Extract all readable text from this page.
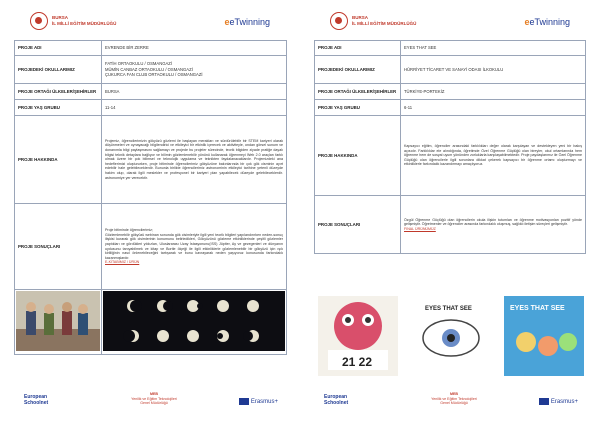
BURSA
İL MİLLİ EĞİTİM MÜDÜRLÜĞÜ	eeTwinning
PROJE ADI	EVRENDE BİR ZERRE
PROJEDEKİ OKULLARIMIZ	FATİH ORTAOKULU / OSMANGAZİ
MÜMİN CANBAZ ORTAOKULU / OSMANGAZİ
ÇUKURCA FAN CLUB ORTAOKULU / OSMANGAZİ
PROJE ORTAĞI ÜLKELER/ŞEHİRLER	BURSA
PROJE YAŞ GRUBU	11-14
PROJE HAKKINDA	Projemiz, öğrencilerimizin gökyüzü gözlemi ile başlayan merakları ve sürdürülebilir bir STEM kariyeri olarak düşünmeleri ve oynayacağı bilgilendirici ve etkileyici bir etkinlik içerecek ve aktiviteyle, ondan görsel sunum ve donanımla bilgi paylaşmasını sağlamayı ve projede bu projeler sürecinde, teorik bilgiden ziyade pratiğe dayalı bilgisi teknik detaylara bağlıyor ve bilimin gözlemlenebilir yönünü kullanarak öğrenmeyi Web 2.0 araçları farklı olmak üzere bir çok bilimsel ve teknolojik uygulama ve teknikten faydalanacaklardır. Projemizdeki ana hedeflerimizi oluştururken, proje bitiminde öğrencilerimiz gökyüzüne bakınlarında bir çok gök cisminin ayırt edebilir hale gelebileceklerdir. Bununla birlikte öğrencilerimiz astronominin etkileyici tarihine yetenli düzeyde hakim olup, olarak ilgili meslekler ve profesyonel bir kariyeri plan yapabilecek düzeyde gelebileceklerdir. astronomiye yer verecektir.
PROJE SONUÇLARI	Proje bitiminde öğrencilerimiz;
Gözlemlenebilir gökyüzü webinarı sonunda gök cisimleriyle ilgili yeni teorik bilgileri yapılandırırken neden-sonuç ilişkisi kurarak gök cisimlerinin konumunu belirledikleri, Gökyüzünü gözleme etkinliklerinde çeşitli gözlemler yaptıkları ve gördükleri yıldızları, Uluslararası Uzay İstasyonunu(ISS) Jüpiter, Ay ve gezegenleri ve dünyanın uydusunu tanıyabilmek ve kitap ve Bortle ölçeği ile ilgili etkinliklerle gözlemlenebilir bir gökyüzü için ışık kirliliğinin nasıl önlenebileceğini tartışarak ve bunu kavrayarak neden yaşıyoruz konusunda farkındalık kazanmışlardır.
E-KİTABIMIZ / ÜRÜN

European
Schoolnet
MEB
Yenilik ve Eğitim Teknolojileri
Genel Müdürlüğü	Erasmus+
BURSA
İL MİLLİ EĞİTİM MÜDÜRLÜĞÜ	eeTwinning
PROJE ADI	EYES THAT SEE
PROJEDEKİ OKULLARIMIZ	HÜRRİYET TİCARET VE SANAYİ ODASI İLKOKULU
PROJE ORTAĞI ÜLKELER/ŞEHİRLER	TÜRKİYE-PORTEKİZ
PROJE YAŞ GRUBU	6-11
PROJE HAKKINDA	Kapsayıcı eğitim, öğrenciler arasındaki farklılıkları değer olarak karşılayan ve destekleyen yeni bir bakış açısıdır. Farklılıklar ele alındığında, öğretimde Özel Öğrenme Güçlüğü olan bireyler, okul ortamlarında hem öğrenme hem de sosyal uyum yönünden zorluklarla karşılaşabilmektedir. Proje paydaşlarımız ile Özel Öğrenme Güçlüğü olan öğrencilerle ilgili sorunlara dikkat çekerek kapsayıcı bir öğrenme ortamı oluşturmayı ve etkinliklerle farkındalık kazandırmayı amaçlıyoruz.
PROJE SONUÇLARI	Özgül Öğrenme Güçlüğü olan öğrencilerin okula ilişkin tutumları ve öğrenme motivasyonları pozitif yönde gelişmiştir. Öğretmenler ve öğrenciler arasında farkındalık oluşmuş, sağlıklı iletişim süreçleri gelişmiştir.
FINAL ÜRÜNÜMÜZ
21 22
EYES THAT SEE	EYES THAT SEE
European
Schoolnet
MEB
Yenilik ve Eğitim Teknolojileri
Genel Müdürlüğü	Erasmus+
